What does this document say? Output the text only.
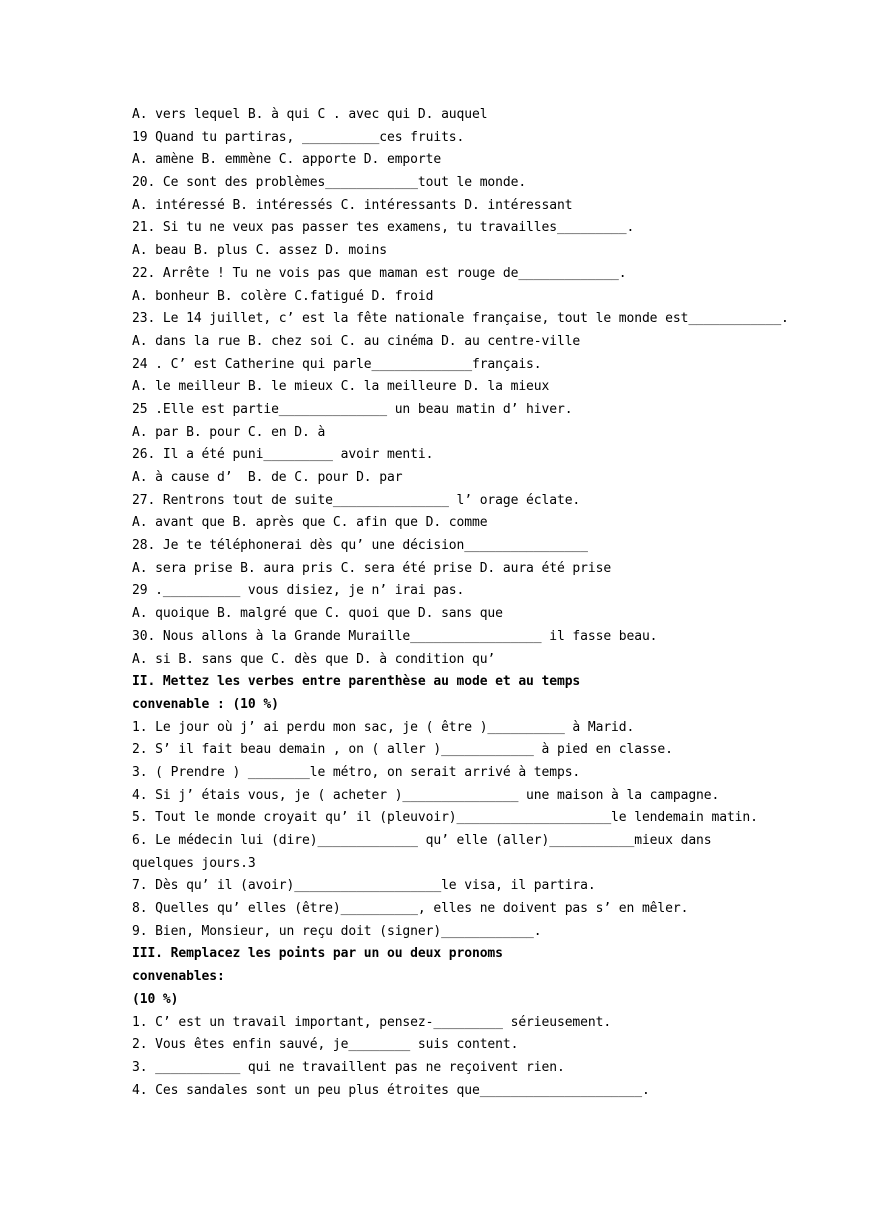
A. vers lequel B. à qui C . avec qui D. auquel
19 Quand tu partiras, __________ces fruits.
A. amène B. emmène C. apporte D. emporte
20. Ce sont des problèmes____________tout le monde.
A. intéressé B. intéressés C. intéressants D. intéressant
21. Si tu ne veux pas passer tes examens, tu travailles_________.
A. beau B. plus C. assez D. moins
22. Arrête ! Tu ne vois pas que maman est rouge de_____________.
A. bonheur B. colère C.fatigué D. froid
23. Le 14 juillet, c’ est la fête nationale française, tout le monde est____________.
A. dans la rue B. chez soi C. au cinéma D. au centre-ville
24 . C’ est Catherine qui parle_____________français.
A. le meilleur B. le mieux C. la meilleure D. la mieux
25 .Elle est partie______________ un beau matin d’ hiver.
A. par B. pour C. en D. à
26. Il a été puni_________ avoir menti.
A. à cause d’  B. de C. pour D. par
27. Rentrons tout de suite_______________ l’ orage éclate.
A. avant que B. après que C. afin que D. comme
28. Je te téléphonerai dès qu’ une décision________________
A. sera prise B. aura pris C. sera été prise D. aura été prise
29 .__________ vous disiez, je n’ irai pas.
A. quoique B. malgré que C. quoi que D. sans que
30. Nous allons à la Grande Muraille_________________ il fasse beau.
A. si B. sans que C. dès que D. à condition qu’
II. Mettez les verbes entre parenthèse au mode et au temps
convenable : (10 %)
1. Le jour où j’ ai perdu mon sac, je ( être )__________ à Marid.
2. S’ il fait beau demain , on ( aller )____________ à pied en classe.
3. ( Prendre ) ________le métro, on serait arrivé à temps.
4. Si j’ étais vous, je ( acheter )_______________ une maison à la campagne.
5. Tout le monde croyait qu’ il (pleuvoir)____________________le lendemain matin.
6. Le médecin lui (dire)_____________ qu’ elle (aller)___________mieux dans
quelques jours.3
7. Dès qu’ il (avoir)___________________le visa, il partira.
8. Quelles qu’ elles (être)__________, elles ne doivent pas s’ en mêler.
9. Bien, Monsieur, un reçu doit (signer)____________.
III. Remplacez les points par un ou deux pronoms
convenables:
(10 %)
1. C’ est un travail important, pensez-_________ sérieusement.
2. Vous êtes enfin sauvé, je________ suis content.
3. ___________ qui ne travaillent pas ne reçoivent rien.
4. Ces sandales sont un peu plus étroites que_____________________.
